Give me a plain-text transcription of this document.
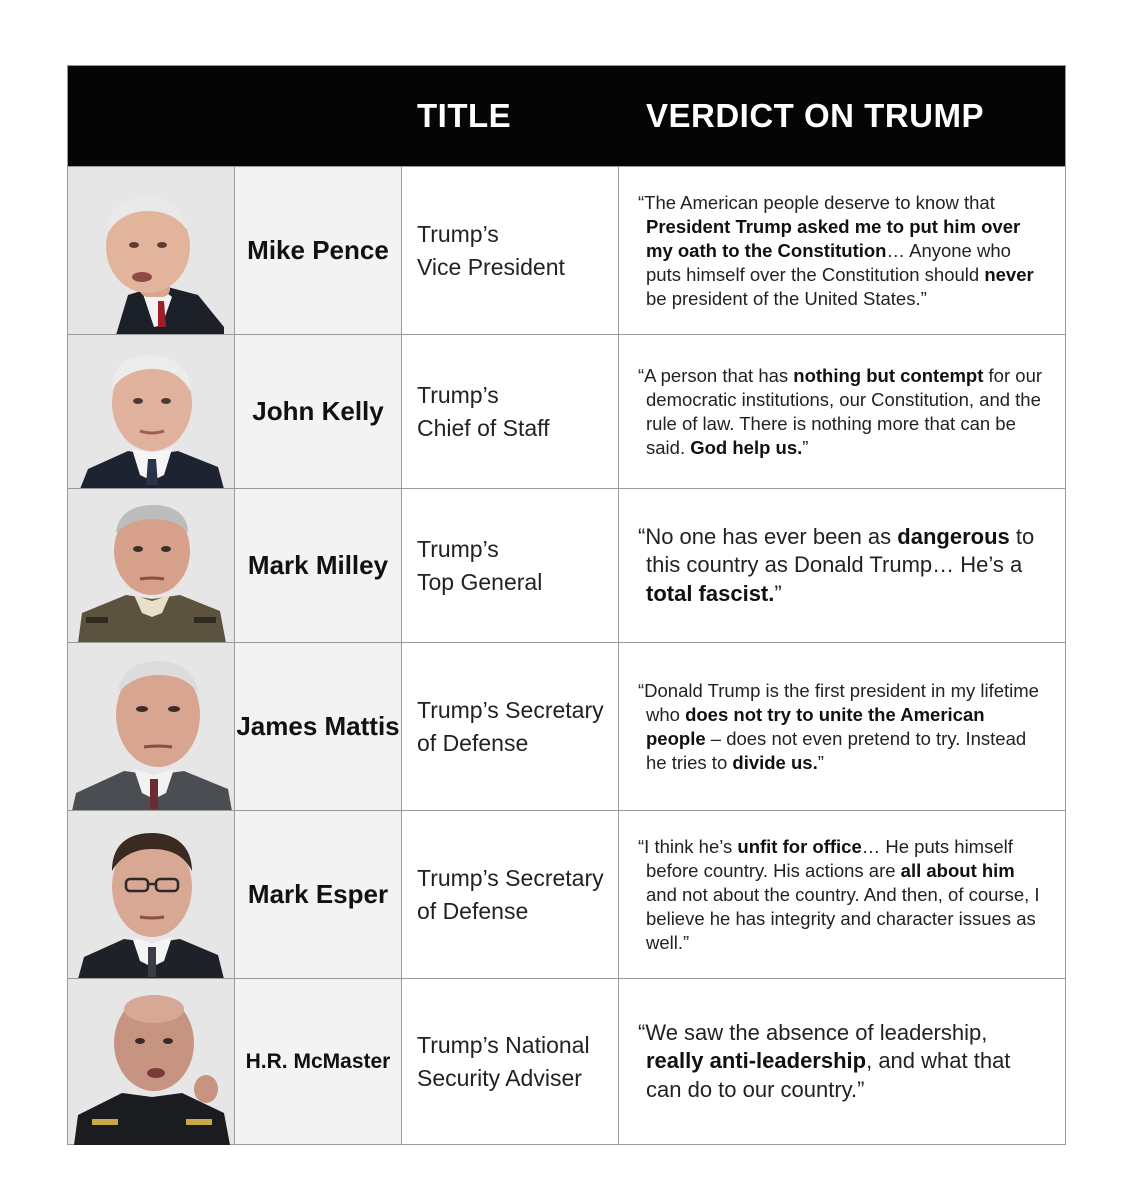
TITLE	VERDICT ON TRUMP
Mike Pence
Trump’s
Vice President

“The American people deserve to know that President Trump asked me to put him over my oath to the Constitution… Anyone who puts himself over the Constitution should never be president of the United States.”

John Kelly
Trump’s
Chief of Staff

“A person that has nothing but contempt for our democratic institutions, our Constitution, and the rule of law. There is nothing more that can be said. God help us.”

Mark Milley
Trump’s
Top General

“No one has ever been as dangerous to this country as Donald Trump… He’s a total fascist.”

James Mattis
Trump’s Secretary
of Defense

“Donald Trump is the first president in my lifetime who does not try to unite the American people – does not even pretend to try. Instead he tries to divide us.”

Mark Esper
Trump’s Secretary
of Defense

“I think he’s unfit for office… He puts himself before country. His actions are all about him and not about the country. And then, of course, I believe he has integrity and character issues as well.”

H.R. McMaster
Trump’s National
Security Adviser

“We saw the absence of leadership, really anti-leadership, and what that can do to our country.”
